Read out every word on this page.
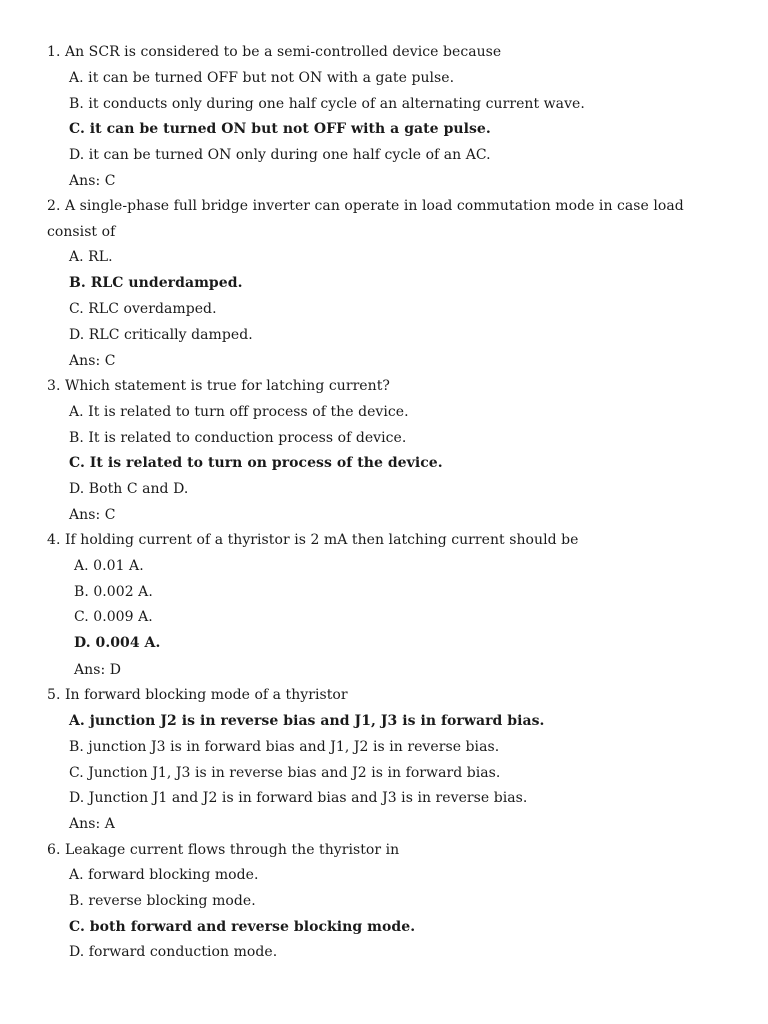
1. An SCR is considered to be a semi-controlled device because
A. it can be turned OFF but not ON with a gate pulse.
B. it conducts only during one half cycle of an alternating current wave.
C. it can be turned ON but not OFF with a gate pulse.
D. it can be turned ON only during one half cycle of an AC.
Ans: C
2. A single-phase full bridge inverter can operate in load commutation mode in case load
consist of
A. RL.
B. RLC underdamped.
C. RLC overdamped.
D. RLC critically damped.
Ans: C
3. Which statement is true for latching current?
A. It is related to turn off process of the device.
B. It is related to conduction process of device.
C. It is related to turn on process of the device.
D. Both C and D.
Ans: C
4. If holding current of a thyristor is 2 mA then latching current should be
A. 0.01 A.
B. 0.002 A.
C. 0.009 A.
D. 0.004 A.
Ans: D
5. In forward blocking mode of a thyristor
A. junction J2 is in reverse bias and J1, J3 is in forward bias.
B. junction J3 is in forward bias and J1, J2 is in reverse bias.
C. Junction J1, J3 is in reverse bias and J2 is in forward bias.
D. Junction J1 and J2 is in forward bias and J3 is in reverse bias.
Ans: A
6. Leakage current flows through the thyristor in
A. forward blocking mode.
B. reverse blocking mode.
C. both forward and reverse blocking mode.
D. forward conduction mode.
